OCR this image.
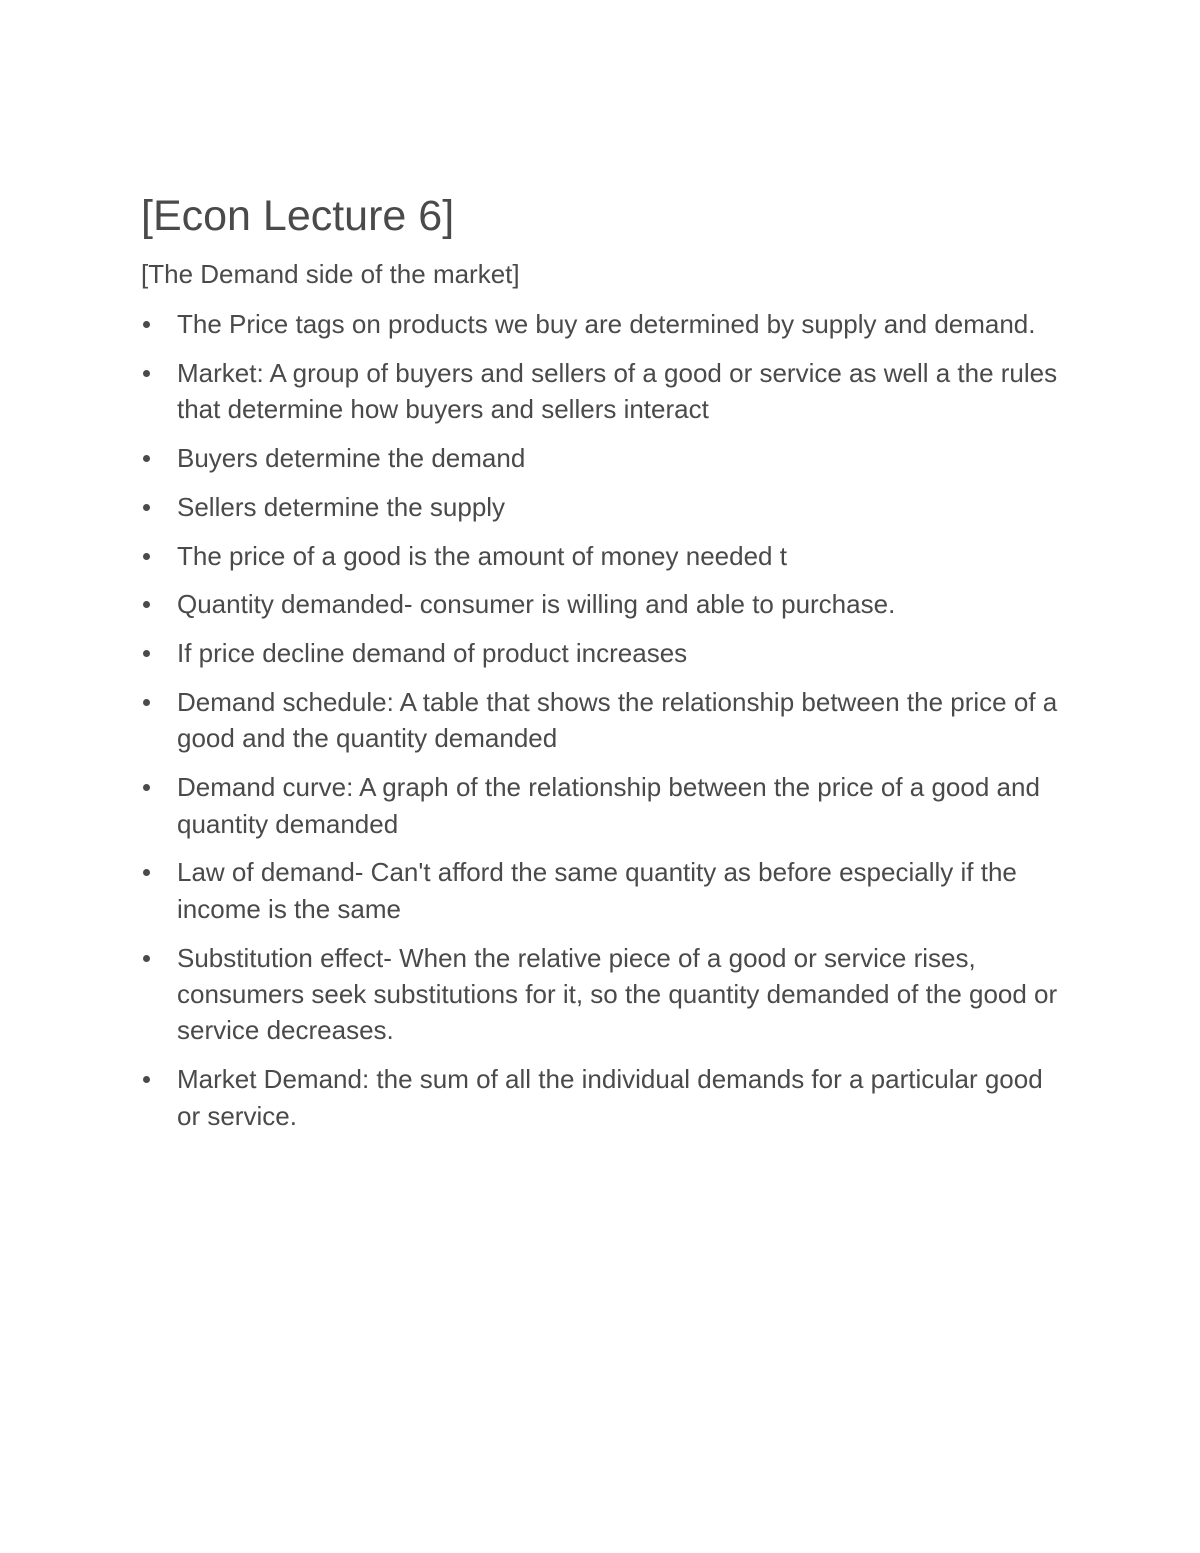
[Econ Lecture 6]

[The Demand side of the market]

The Price tags on products we buy are determined by supply and demand.
Market: A group of buyers and sellers of a good or service as well a the rules that determine how buyers and sellers interact
Buyers determine the demand
Sellers determine the supply
The price of a good is the amount of money needed t
Quantity demanded- consumer is willing and able to purchase.
If price decline demand of product increases
Demand schedule: A table that shows the relationship between the price of a good and the quantity demanded
Demand curve: A graph of the relationship between the price of a good and quantity demanded
Law of demand- Can't afford the same quantity as before especially if the income is the same
Substitution effect- When the relative piece of a good or service rises, consumers seek substitutions for it, so the quantity demanded of the good or service decreases.
Market Demand: the sum of all the individual demands for a particular good or service.
